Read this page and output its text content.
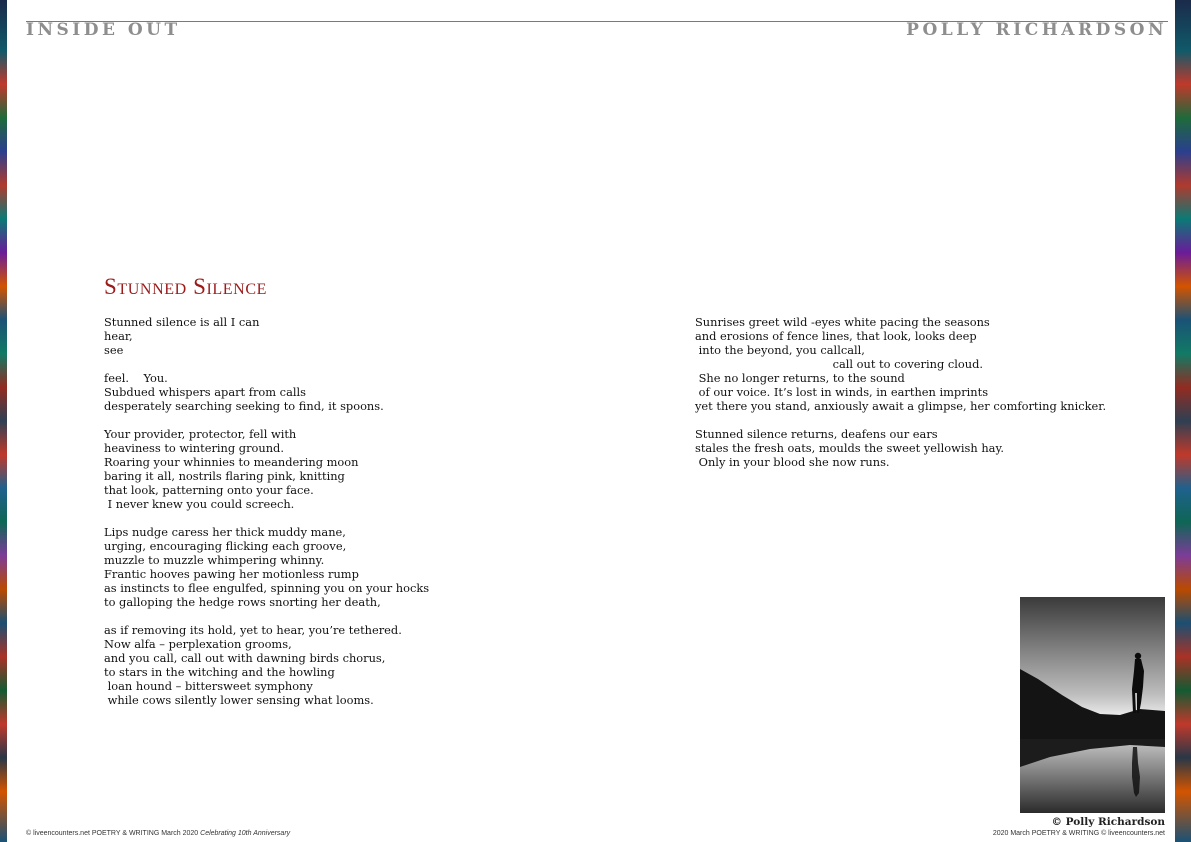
INSIDE OUT	POLLY RICHARDSON
Stunned Silence
Stunned silence is all I can
hear,
see
feel.    You.
Subdued whispers apart from calls
desperately searching seeking to find, it spoons.
Your provider, protector, fell with
heaviness to wintering ground.
Roaring your whinnies to meandering moon
baring it all, nostrils flaring pink, knitting
that look, patterning onto your face.
I never knew you could screech.
Lips nudge caress her thick muddy mane,
urging, encouraging flicking each groove,
muzzle to muzzle whimpering whinny.
Frantic hooves pawing her motionless rump
as instincts to flee engulfed, spinning you on your hocks
to galloping the hedge rows snorting her death,
as if removing its hold, yet to hear, you’re tethered.
Now alfa – perplexation grooms,
and you call, call out with dawning birds chorus,
to stars in the witching and the howling
loan hound – bittersweet symphony
while cows silently lower sensing what looms.
Sunrises greet wild -eyes white pacing the seasons
and erosions of fence lines, that look, looks deep
into the beyond, you callcall,
call out to covering cloud.
She no longer returns, to the sound
of our voice. It’s lost in winds, in earthen imprints
yet there you stand, anxiously await a glimpse, her comforting knicker.
Stunned silence returns, deafens our ears
stales the fresh oats, moulds the sweet yellowish hay.
Only in your blood she now runs.
© Polly Richardson
© liveencounters.net POETRY & WRITING March 2020 Celebrating 10th Anniversary	2020 March POETRY & WRITING © liveencounters.net
